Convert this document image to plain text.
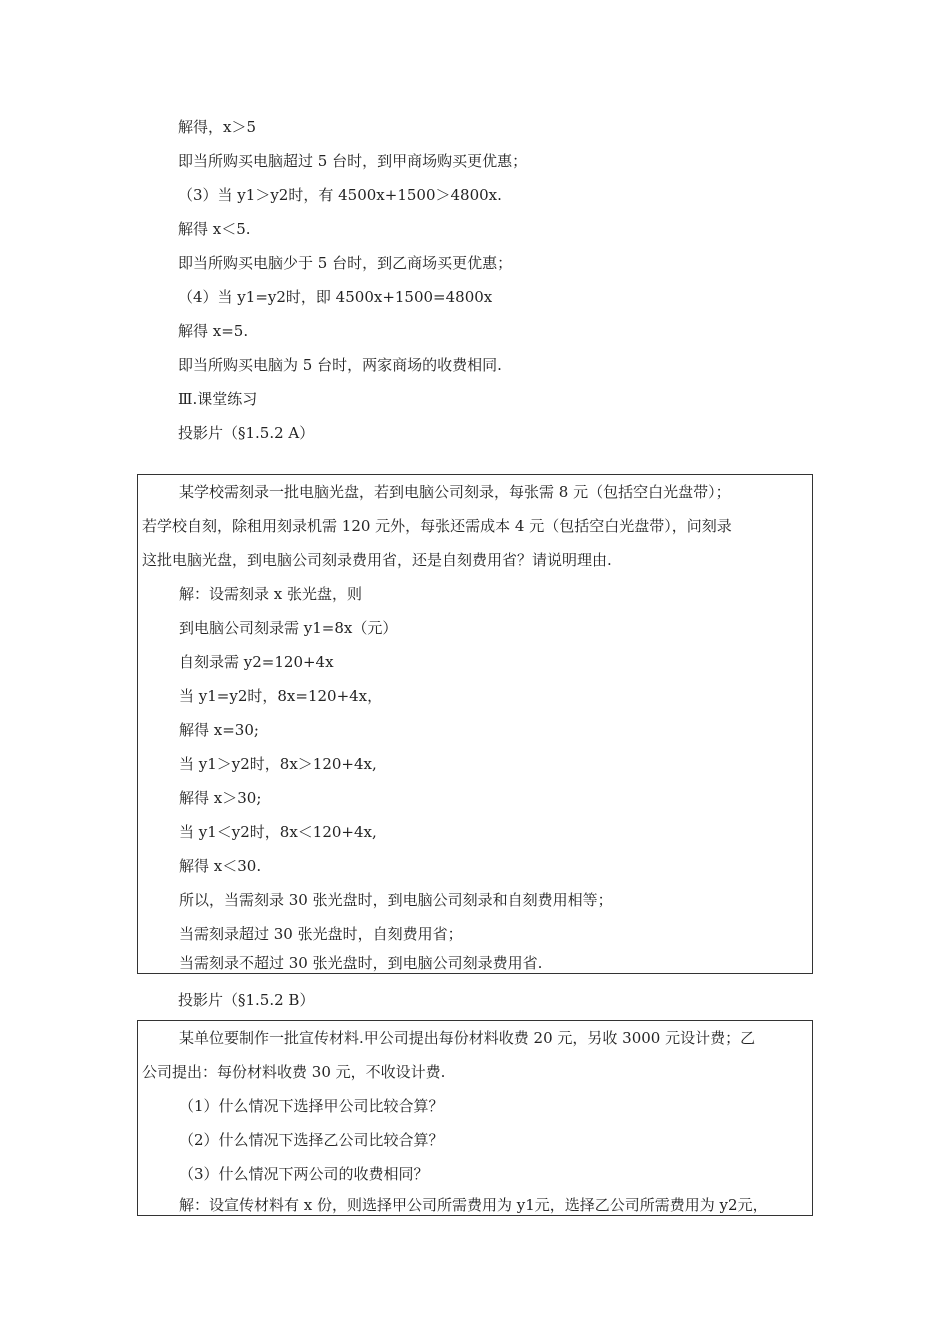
解得，x＞5
即当所购买电脑超过 5 台时，到甲商场购买更优惠；
（3）当 y1＞y2时，有 4500x+1500＞4800x.
解得 x＜5.
即当所购买电脑少于 5 台时，到乙商场买更优惠；
（4）当 y1=y2时，即 4500x+1500=4800x
解得 x=5.
即当所购买电脑为 5 台时，两家商场的收费相同.
Ⅲ.课堂练习
投影片（§1.5.2 A）
某学校需刻录一批电脑光盘，若到电脑公司刻录，每张需 8 元（包括空白光盘带）；
若学校自刻，除租用刻录机需 120 元外，每张还需成本 4 元（包括空白光盘带），问刻录
这批电脑光盘，到电脑公司刻录费用省，还是自刻费用省？请说明理由.
解：设需刻录 x 张光盘，则
到电脑公司刻录需 y1=8x（元）
自刻录需 y2=120+4x
当 y1=y2时，8x=120+4x，
解得 x=30;
当 y1＞y2时，8x＞120+4x,
解得 x＞30;
当 y1＜y2时，8x＜120+4x,
解得 x＜30.
所以，当需刻录 30 张光盘时，到电脑公司刻录和自刻费用相等；
当需刻录超过 30 张光盘时，自刻费用省；
当需刻录不超过 30 张光盘时，到电脑公司刻录费用省.
投影片（§1.5.2 B）
某单位要制作一批宣传材料.甲公司提出每份材料收费 20 元，另收 3000 元设计费；乙
公司提出：每份材料收费 30 元，不收设计费.
（1）什么情况下选择甲公司比较合算？
（2）什么情况下选择乙公司比较合算？
（3）什么情况下两公司的收费相同？
解：设宣传材料有 x 份，则选择甲公司所需费用为 y1元，选择乙公司所需费用为 y2元，
